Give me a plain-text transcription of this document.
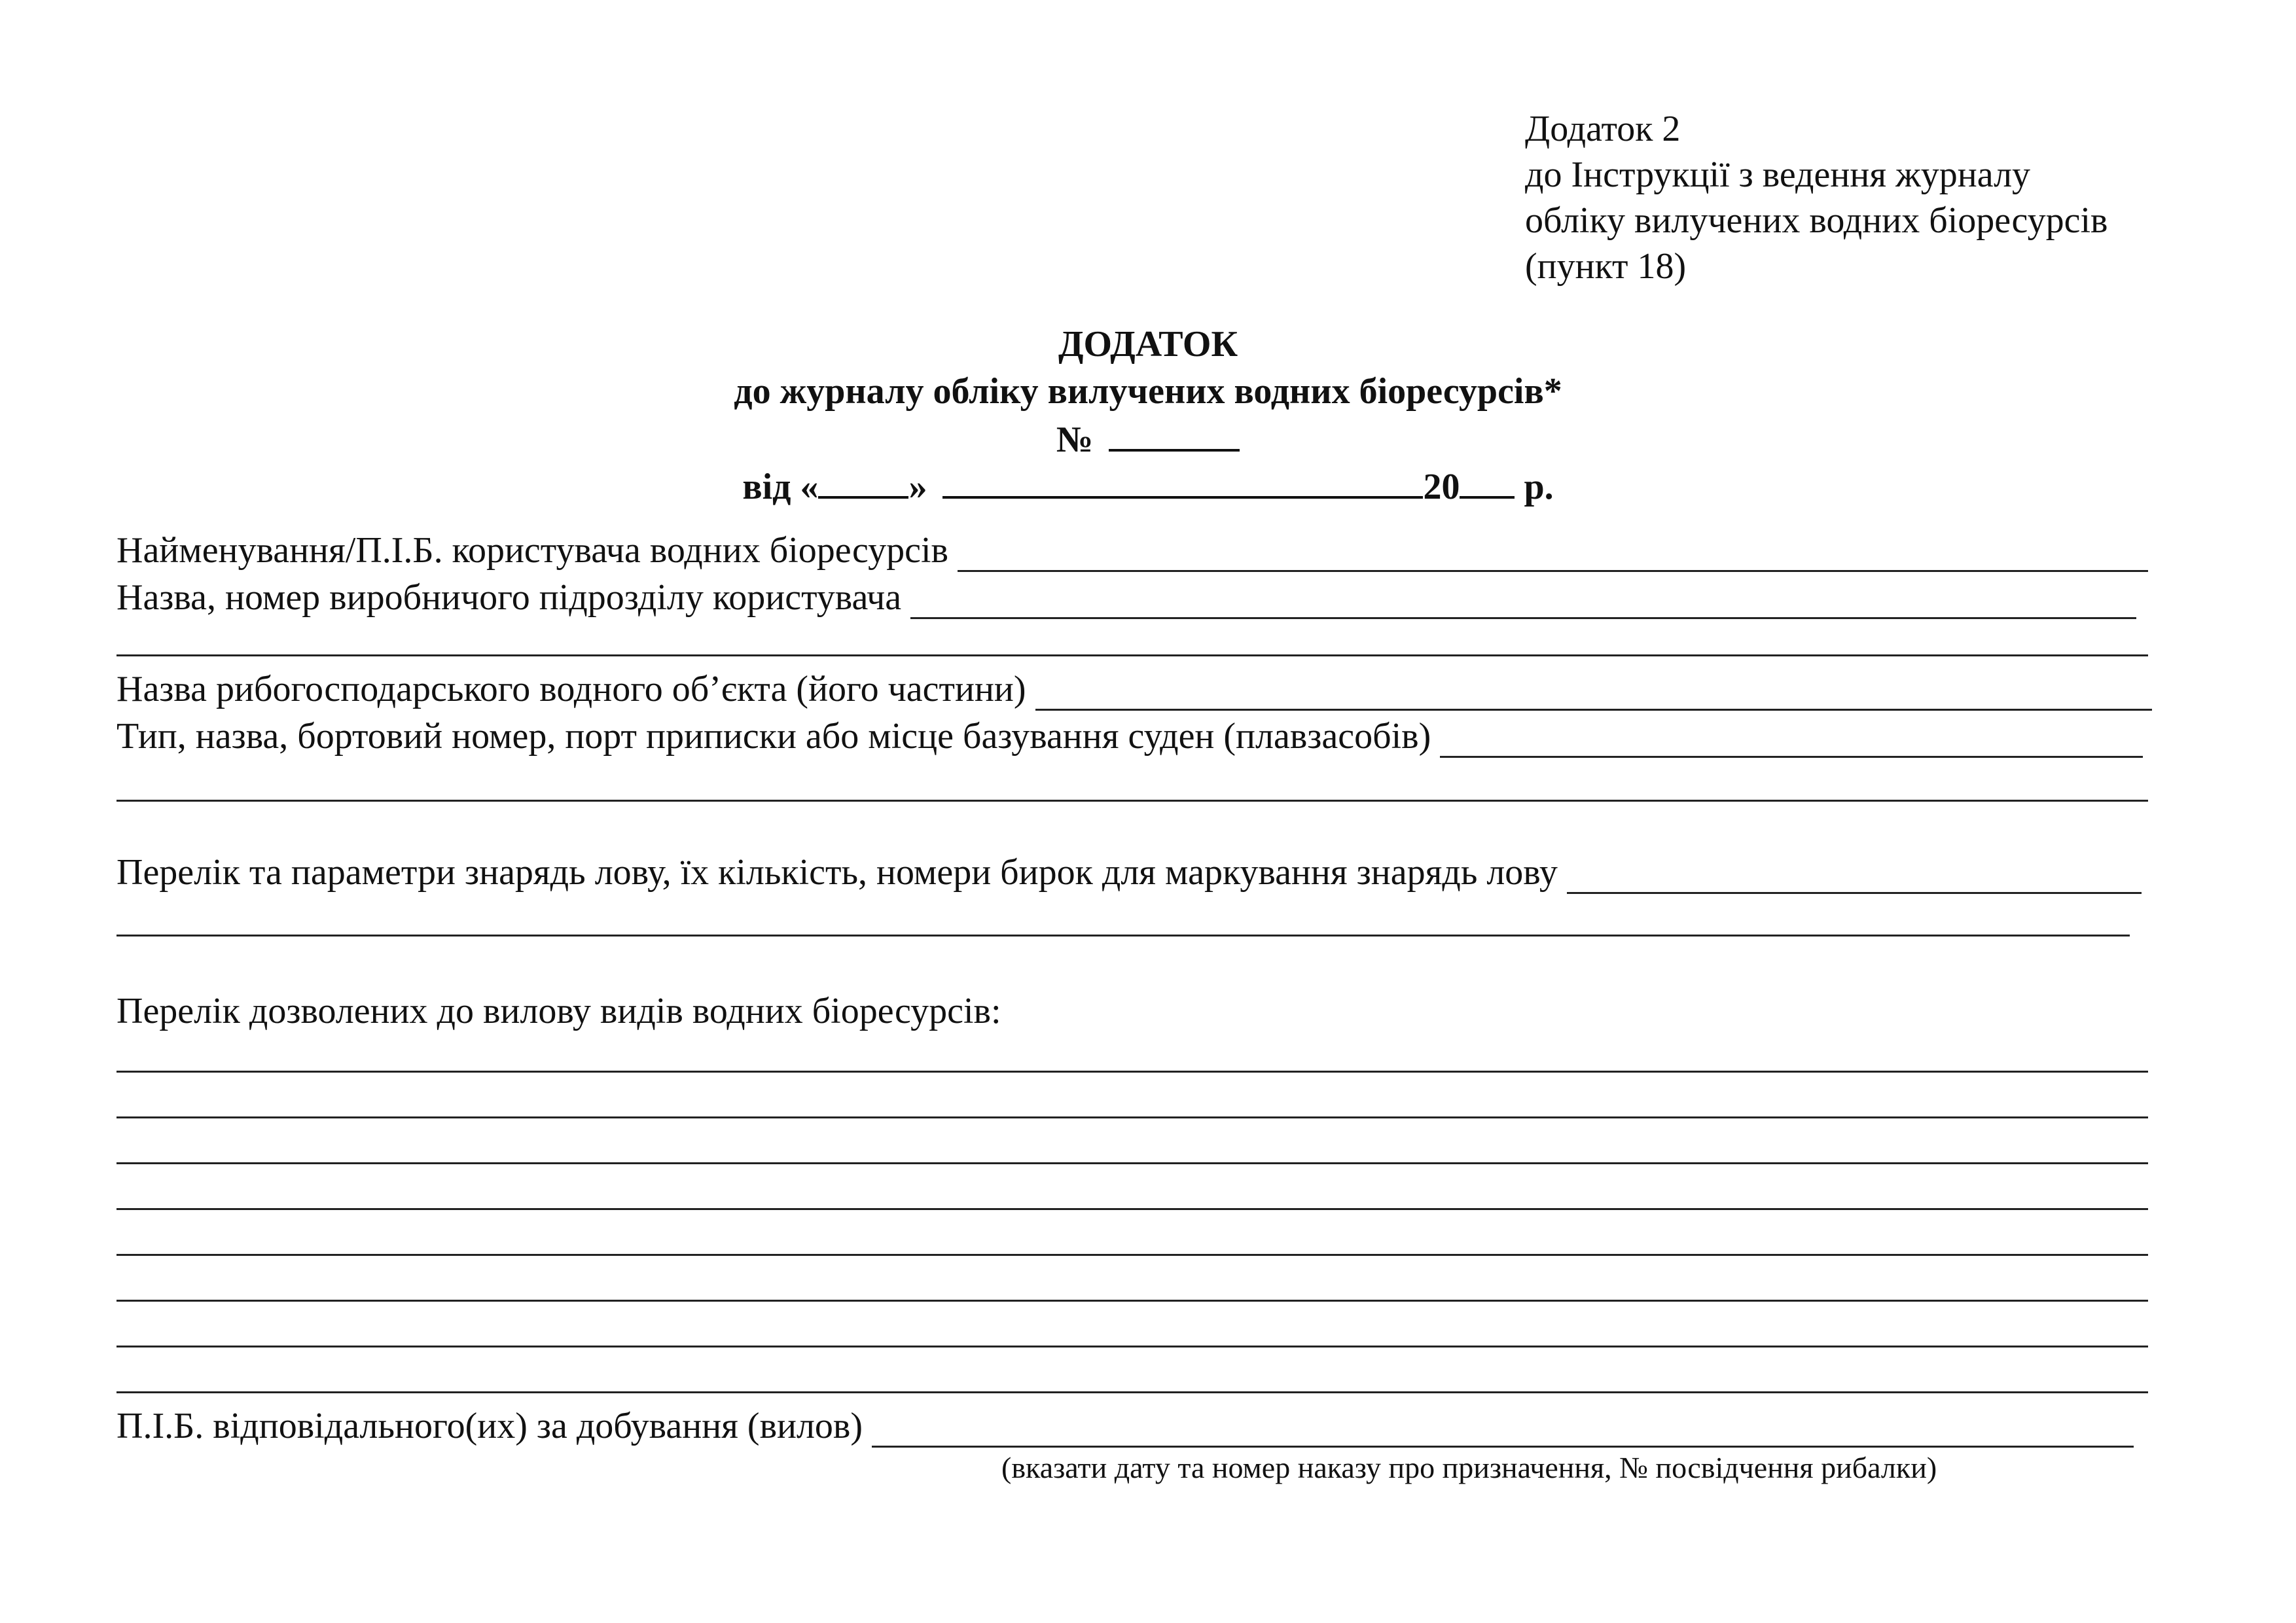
Додаток 2
до Інструкції з ведення журналу
обліку вилучених водних біоресурсів
(пункт 18)
ДОДАТОК
до журналу обліку вилучених водних біоресурсів*
№
від « »	20 р.
Найменування/П.І.Б. користувача водних біоресурсів
Назва, номер виробничого підрозділу користувача
Назва рибогосподарського водного об’єкта (його частини)
Тип, назва, бортовий номер, порт приписки або місце базування суден (плавзасобів)
Перелік та параметри знарядь лову, їх кількість, номери бирок для маркування знарядь лову
Перелік дозволених до вилову видів водних біоресурсів:
П.І.Б. відповідального(их) за добування (вилов)
(вказати дату та номер наказу про призначення, № посвідчення рибалки)
